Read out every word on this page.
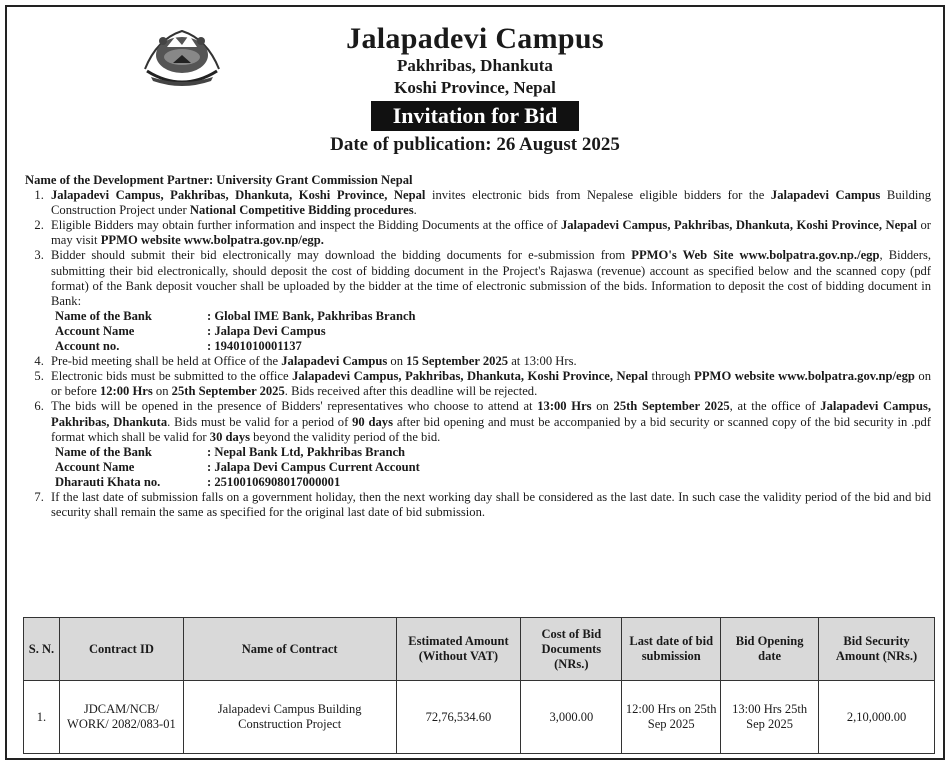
Jalapadevi Campus
Pakhribas, Dhankuta
Koshi Province, Nepal
Invitation for Bid
Date of publication: 26 August 2025
Name of the Development Partner: University Grant Commission Nepal
1. Jalapadevi Campus, Pakhribas, Dhankuta, Koshi Province, Nepal invites electronic bids from Nepalese eligible bidders for the Jalapadevi Campus Building Construction Project under National Competitive Bidding procedures.
2. Eligible Bidders may obtain further information and inspect the Bidding Documents at the office of Jalapadevi Campus, Pakhribas, Dhankuta, Koshi Province, Nepal or may visit PPMO website www.bolpatra.gov.np/egp.
3. Bidder should submit their bid electronically may download the bidding documents for e-submission from PPMO's Web Site www.bolpatra.gov.np./egp, Bidders, submitting their bid electronically, should deposit the cost of bidding document in the Project's Rajaswa (revenue) account as specified below and the scanned copy (pdf format) of the Bank deposit voucher shall be uploaded by the bidder at the time of electronic submission of the bids. Information to deposit the cost of bidding document in Bank:
Name of the Bank	: Global IME Bank, Pakhribas Branch
Account Name	: Jalapa Devi Campus
Account no.	: 19401010001137
4. Pre-bid meeting shall be held at Office of the Jalapadevi Campus on 15 September 2025 at 13:00 Hrs.
5. Electronic bids must be submitted to the office Jalapadevi Campus, Pakhribas, Dhankuta, Koshi Province, Nepal through PPMO website www.bolpatra.gov.np/egp on or before 12:00 Hrs on 25th September 2025. Bids received after this deadline will be rejected.
6. The bids will be opened in the presence of Bidders' representatives who choose to attend at 13:00 Hrs on 25th September 2025, at the office of Jalapadevi Campus, Pakhribas, Dhankuta. Bids must be valid for a period of 90 days after bid opening and must be accompanied by a bid security or scanned copy of the bid security in .pdf format which shall be valid for 30 days beyond the validity period of the bid.
Name of the Bank	: Nepal Bank Ltd, Pakhribas Branch
Account Name	: Jalapa Devi Campus Current Account
Dharauti Khata no.	: 25100106908017000001
7. If the last date of submission falls on a government holiday, then the next working day shall be considered as the last date. In such case the validity period of the bid and bid security shall remain the same as specified for the original last date of bid submission.
S. N.	Contract ID	Name of Contract	Estimated Amount (Without VAT)	Cost of Bid Documents (NRs.)	Last date of bid submission	Bid Opening date	Bid Security Amount (NRs.)
1.	JDCAM/NCB/ WORK/ 2082/083-01	Jalapadevi Campus Building Construction Project	72,76,534.60	3,000.00	12:00 Hrs on 25th Sep 2025	13:00 Hrs 25th Sep 2025	2,10,000.00
